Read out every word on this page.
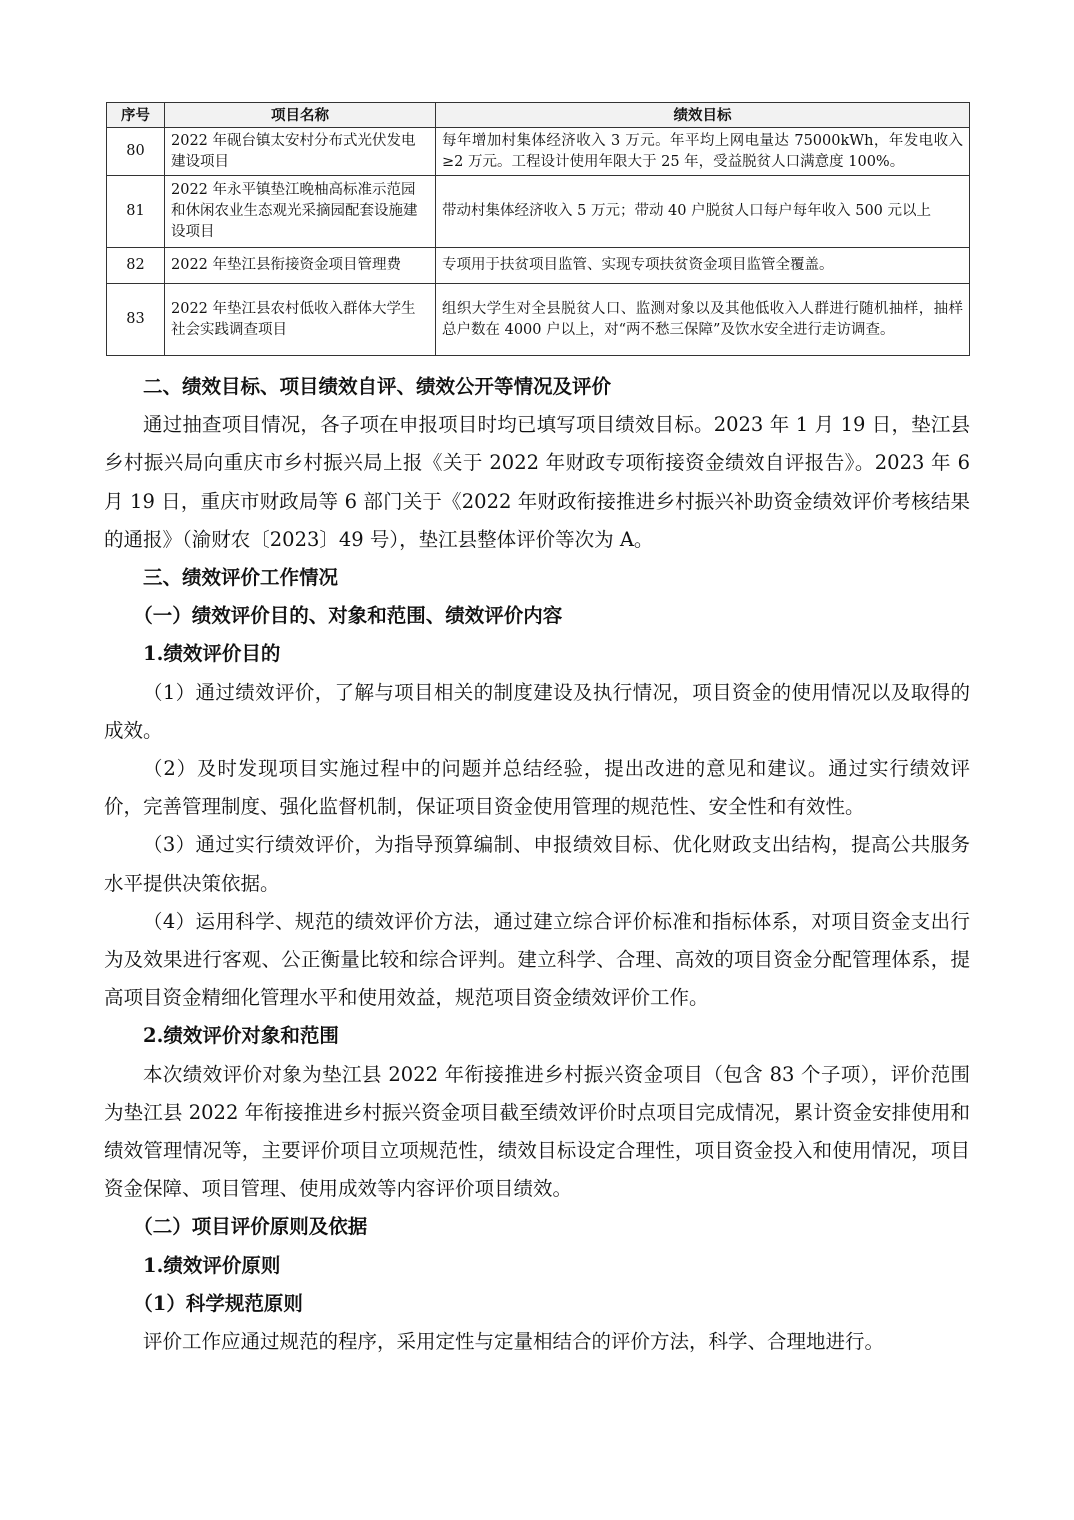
序号	项目名称	绩效目标
80	2022 年砚台镇太安村分布式光伏发电建设项目	每年增加村集体经济收入 3 万元。年平均上网电量达 75000kWh，年发电收入≥2 万元。工程设计使用年限大于 25 年，受益脱贫人口满意度 100%。
81	2022 年永平镇垫江晚柚高标准示范园和休闲农业生态观光采摘园配套设施建设项目	带动村集体经济收入 5 万元；带动 40 户脱贫人口每户每年收入 500 元以上
82	2022 年垫江县衔接资金项目管理费	专项用于扶贫项目监管、实现专项扶贫资金项目监管全覆盖。
83	2022 年垫江县农村低收入群体大学生社会实践调查项目	组织大学生对全县脱贫人口、监测对象以及其他低收入人群进行随机抽样，抽样总户数在 4000 户以上，对“两不愁三保障”及饮水安全进行走访调查。

二、绩效目标、项目绩效自评、绩效公开等情况及评价

通过抽查项目情况，各子项在申报项目时均已填写项目绩效目标。2023 年 1 月 19 日，垫江县乡村振兴局向重庆市乡村振兴局上报《关于 2022 年财政专项衔接资金绩效自评报告》。2023 年 6 月 19 日，重庆市财政局等 6 部门关于《2022 年财政衔接推进乡村振兴补助资金绩效评价考核结果的通报》（渝财农〔2023〕49 号），垫江县整体评价等次为 A。

三、绩效评价工作情况

（一）绩效评价目的、对象和范围、绩效评价内容

1.绩效评价目的

（1）通过绩效评价，了解与项目相关的制度建设及执行情况，项目资金的使用情况以及取得的成效。

（2）及时发现项目实施过程中的问题并总结经验，提出改进的意见和建议。通过实行绩效评价，完善管理制度、强化监督机制，保证项目资金使用管理的规范性、安全性和有效性。

（3）通过实行绩效评价，为指导预算编制、申报绩效目标、优化财政支出结构，提高公共服务水平提供决策依据。

（4）运用科学、规范的绩效评价方法，通过建立综合评价标准和指标体系，对项目资金支出行为及效果进行客观、公正衡量比较和综合评判。建立科学、合理、高效的项目资金分配管理体系，提高项目资金精细化管理水平和使用效益，规范项目资金绩效评价工作。

2.绩效评价对象和范围

本次绩效评价对象为垫江县 2022 年衔接推进乡村振兴资金项目（包含 83 个子项），评价范围为垫江县 2022 年衔接推进乡村振兴资金项目截至绩效评价时点项目完成情况，累计资金安排使用和绩效管理情况等，主要评价项目立项规范性，绩效目标设定合理性，项目资金投入和使用情况，项目资金保障、项目管理、使用成效等内容评价项目绩效。

（二）项目评价原则及依据

1.绩效评价原则

（1）科学规范原则

评价工作应通过规范的程序，采用定性与定量相结合的评价方法，科学、合理地进行。
